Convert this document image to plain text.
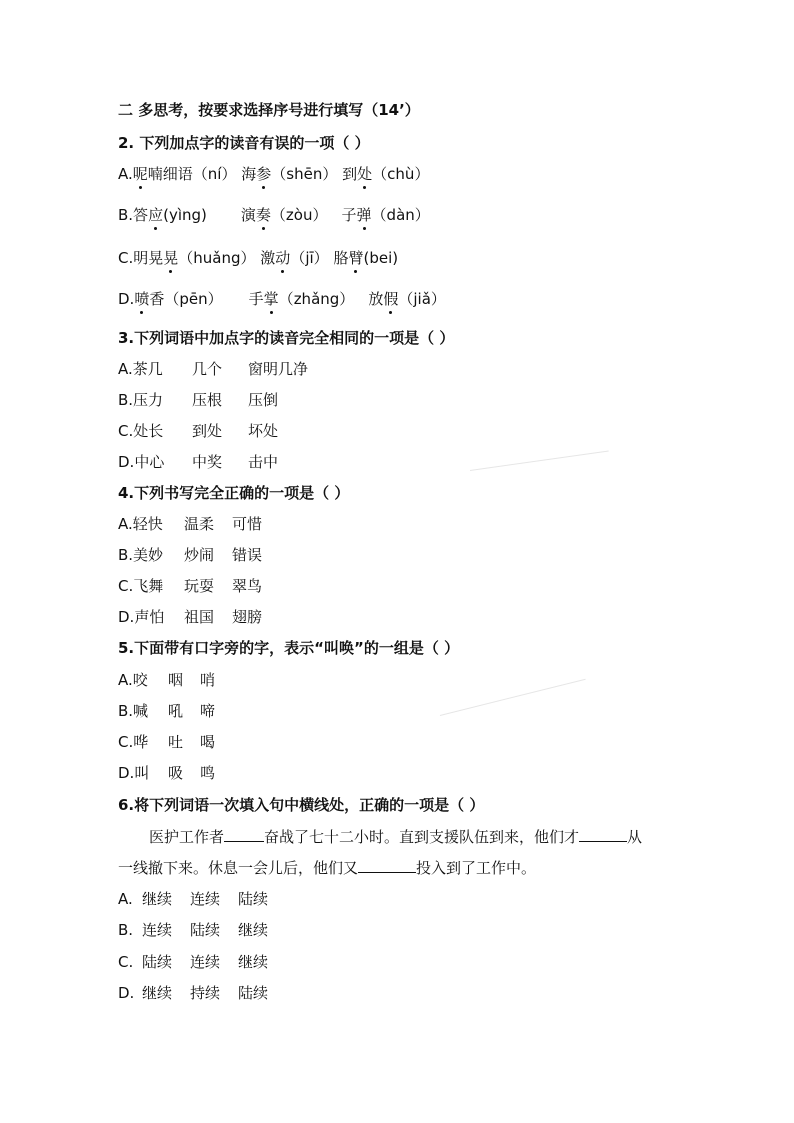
二 多思考，按要求选择序号进行填写（14’）
2. 下列加点字的读音有误的一项（ ）
A.呢喃细语（ní） 海参（shēn） 到处（chù）
B.答应(yìng) 演奏（zòu） 子弹（dàn）
C.明晃晃（huǎng） 激动（jī） 胳臂(bei)
D.喷香（pēn） 手掌（zhǎng） 放假（jiǎ）
3.下列词语中加点字的读音完全相同的一项是（ ）
A.茶几 几个 窗明几净
B.压力 压根 压倒
C.处长 到处 坏处
D.中心 中奖 击中
4.下列书写完全正确的一项是（ ）
A.轻快 温柔 可惜
B.美妙 炒闹 错误
C.飞舞 玩耍 翠鸟
D.声怕 祖国 翅膀
5.下面带有口字旁的字，表示“叫唤”的一组是（ ）
A.咬 咽 哨
B.喊 吼 啼
C.哗 吐 喝
D.叫 吸 鸣
6.将下列词语一次填入句中横线处，正确的一项是（ ）
医护工作者	奋战了七十二小时。直到支援队伍到来，他们才	从
一线撤下来。休息一会儿后，他们又	投入到了工作中。
A. 继续 连续 陆续
B. 连续 陆续 继续
C. 陆续 连续 继续
D. 继续 持续 陆续
